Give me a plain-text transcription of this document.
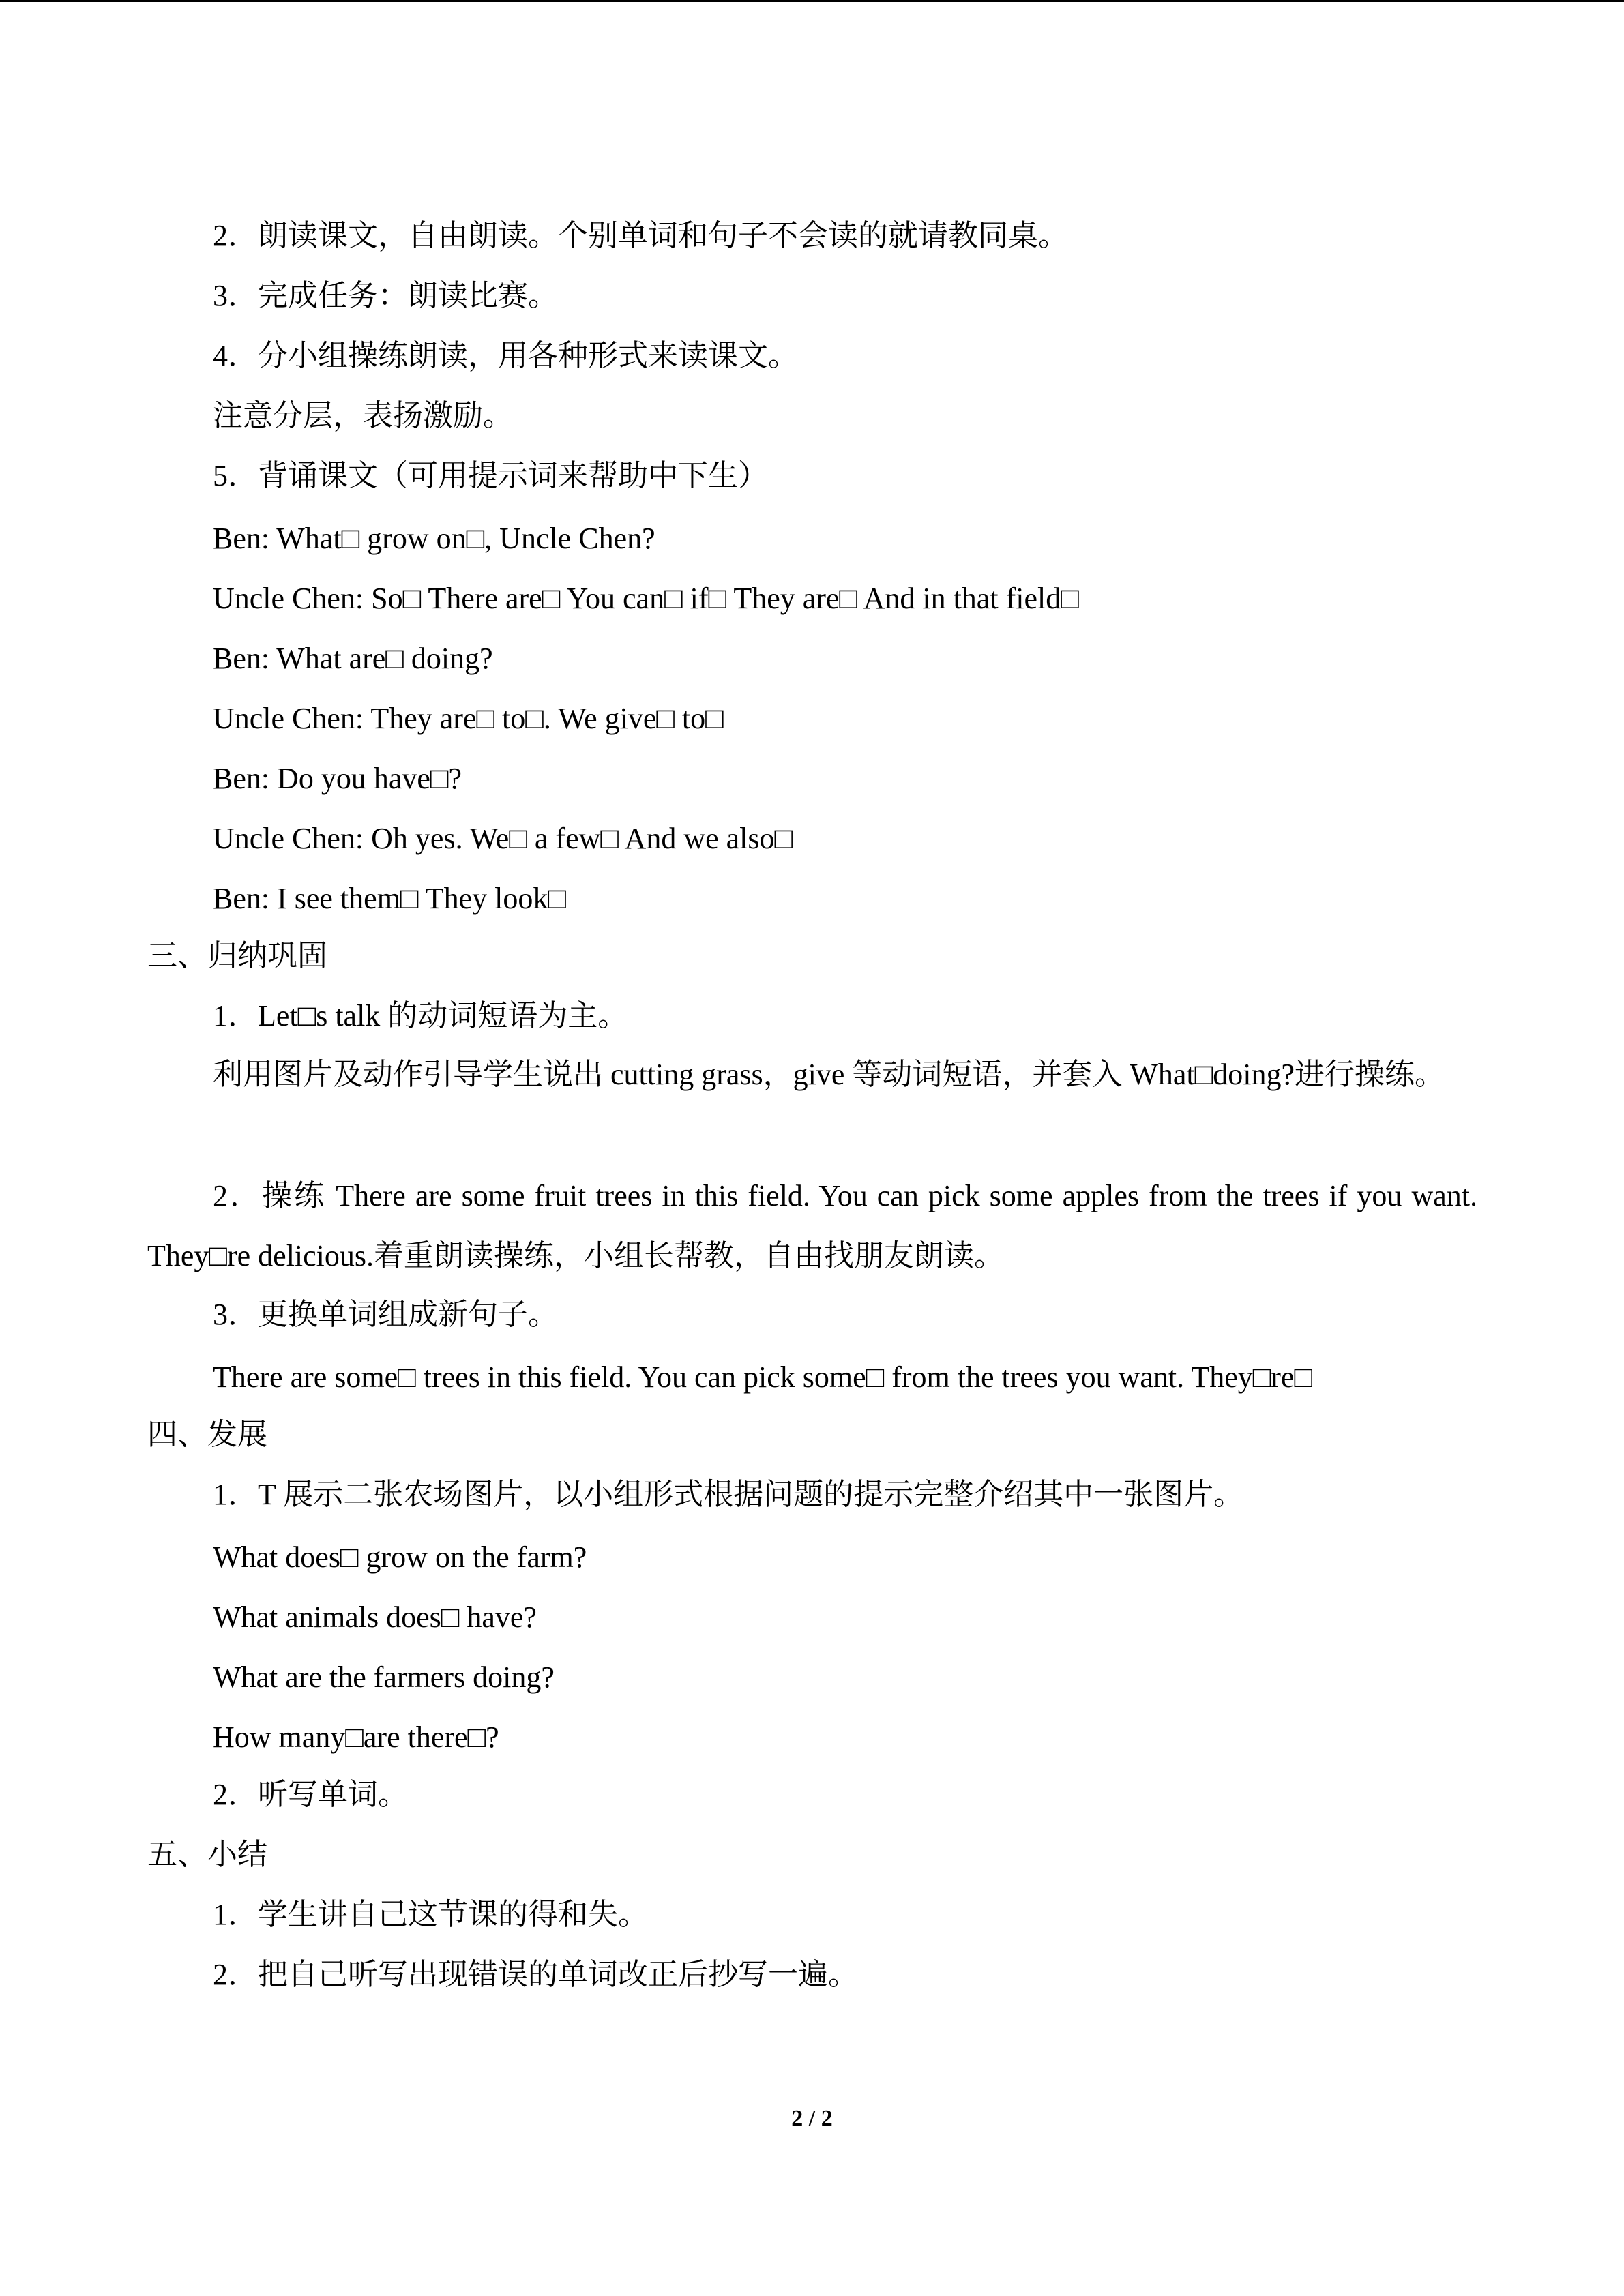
2．朗读课文，自由朗读。个别单词和句子不会读的就请教同桌。
3．完成任务：朗读比赛。
4．分小组操练朗读，用各种形式来读课文。
注意分层，表扬激励。
5．背诵课文（可用提示词来帮助中下生）
Ben: What□ grow on□, Uncle Chen?
Uncle Chen: So□ There are□ You can□ if□ They are□ And in that field□
Ben: What are□ doing?
Uncle Chen: They are□ to□. We give□ to□
Ben: Do you have□?
Uncle Chen: Oh yes. We□ a few□ And we also□
Ben: I see them□ They look□
三、归纳巩固
1．Let□s talk 的动词短语为主。
利用图片及动作引导学生说出 cutting grass，give 等动词短语，并套入 What□doing?进行操练。
2．操练 There are some fruit trees in this field. You can pick some apples from the trees if you want. They□re delicious.着重朗读操练，小组长帮教，自由找朋友朗读。
3．更换单词组成新句子。
There are some□ trees in this field. You can pick some□ from the trees you want. They□re□
四、发展
1．T 展示二张农场图片，以小组形式根据问题的提示完整介绍其中一张图片。
What does□ grow on the farm?
What animals does□ have?
What are the farmers doing?
How many□are there□?
2．听写单词。
五、小结
1．学生讲自己这节课的得和失。
2．把自己听写出现错误的单词改正后抄写一遍。
2 / 2
